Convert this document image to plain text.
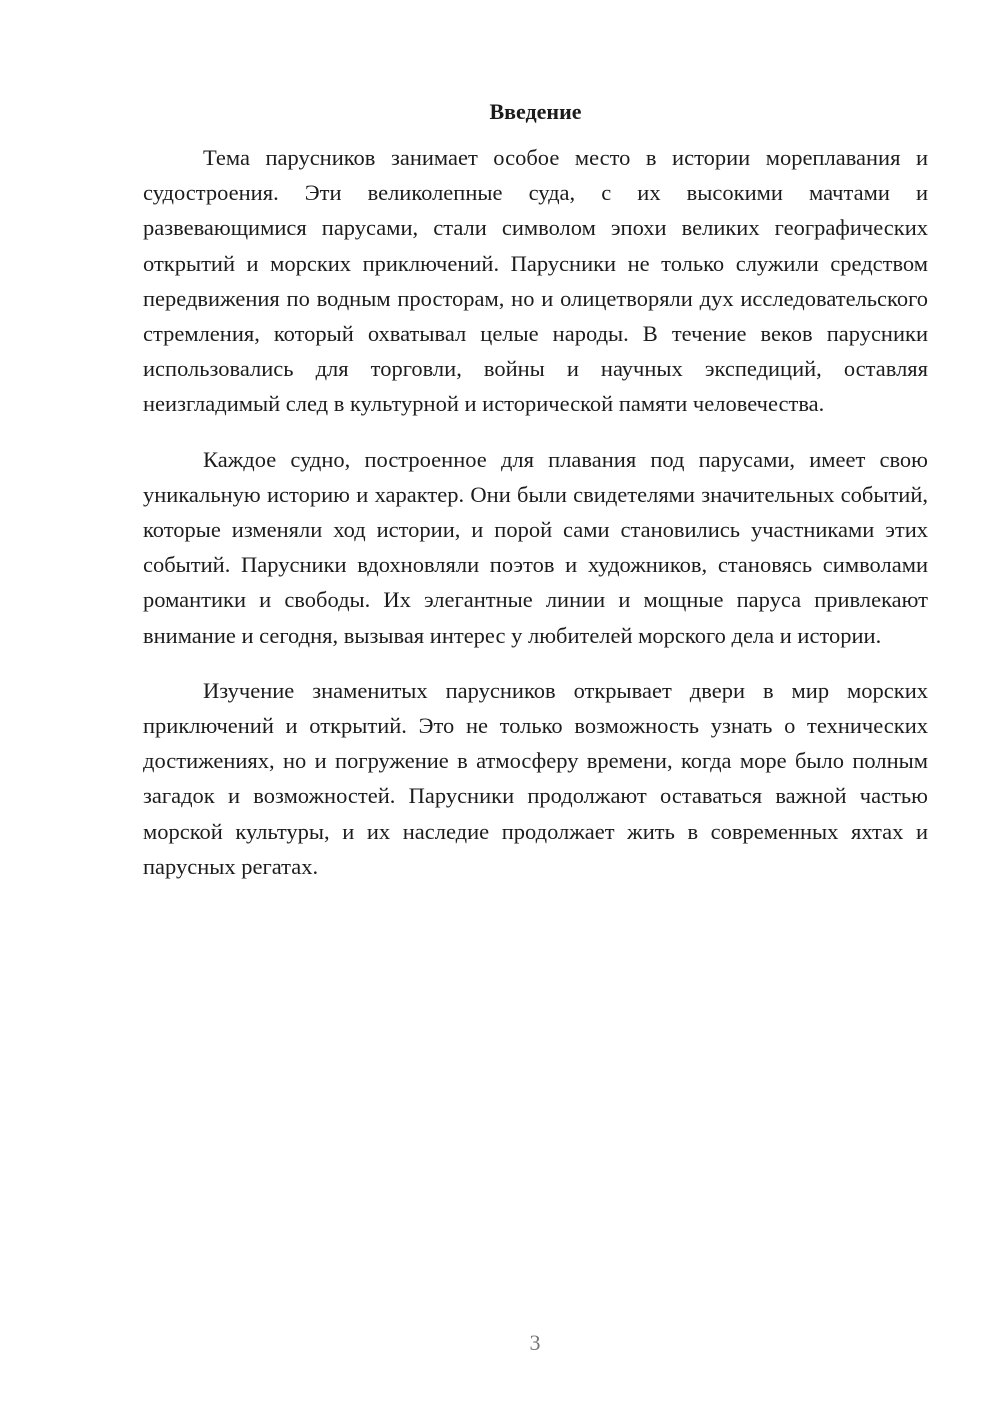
Введение

Тема парусников занимает особое место в истории мореплавания и судостроения. Эти великолепные суда, с их высокими мачтами и развевающимися парусами, стали символом эпохи великих географических открытий и морских приключений. Парусники не только служили средством передвижения по водным просторам, но и олицетворяли дух исследовательского стремления, который охватывал целые народы. В течение веков парусники использовались для торговли, войны и научных экспедиций, оставляя неизгладимый след в культурной и исторической памяти человечества.

Каждое судно, построенное для плавания под парусами, имеет свою уникальную историю и характер. Они были свидетелями значительных событий, которые изменяли ход истории, и порой сами становились участниками этих событий. Парусники вдохновляли поэтов и художников, становясь символами романтики и свободы. Их элегантные линии и мощные паруса привлекают внимание и сегодня, вызывая интерес у любителей морского дела и истории.

Изучение знаменитых парусников открывает двери в мир морских приключений и открытий. Это не только возможность узнать о технических достижениях, но и погружение в атмосферу времени, когда море было полным загадок и возможностей. Парусники продолжают оставаться важной частью морской культуры, и их наследие продолжает жить в современных яхтах и парусных регатах.

3
